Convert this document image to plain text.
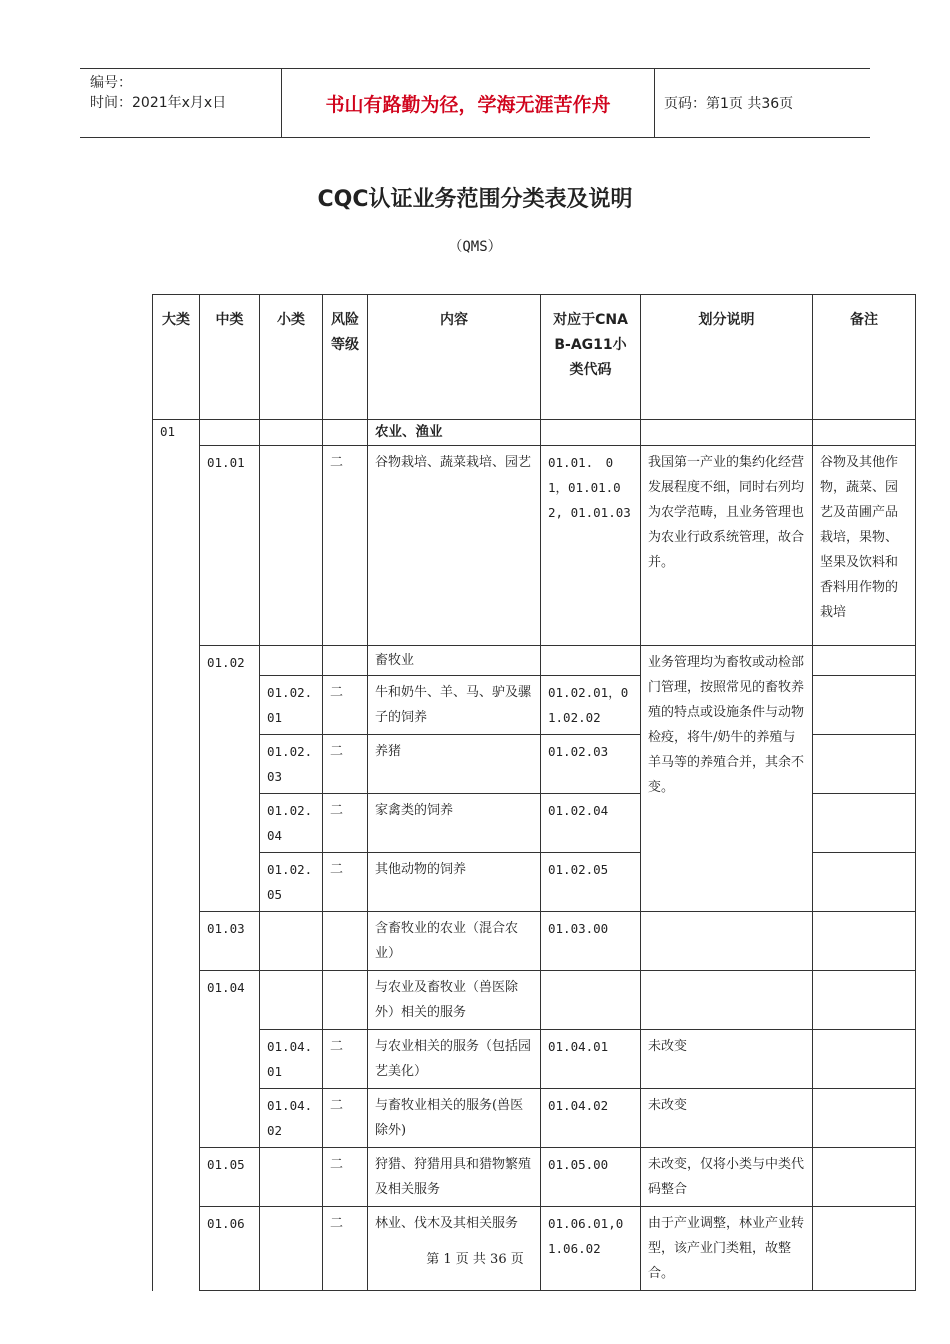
编号：
时间：2021年x月x日	书山有路勤为径，学海无涯苦作舟	页码：第1页 共36页
CQC认证业务范围分类表及说明
（QMS）
大类	中类	小类	风险等级	内容	对应于CNAB-AG11小类代码	划分说明	备注
01				农业、渔业			
	01.01		二	谷物栽培、蔬菜栽培、园艺	01.01.　01，01.01.02, 01.01.03	我国第一产业的集约化经营发展程度不细，同时右列均为农学范畴，且业务管理也为农业行政系统管理，故合并。	谷物及其他作物，蔬菜、园艺及苗圃产品栽培，果物、坚果及饮料和香料用作物的栽培
	01.02			畜牧业		业务管理均为畜牧或动检部门管理，按照常见的畜牧养殖的特点或设施条件与动物检疫，将牛/奶牛的养殖与羊马等的养殖合并，其余不变。	
		01.02.01	二	牛和奶牛、羊、马、驴及骡子的饲养	01.02.01，01.02.02		
		01.02.03	二	养猪	01.02.03		
		01.02.04	二	家禽类的饲养	01.02.04		
		01.02.05	二	其他动物的饲养	01.02.05		
	01.03			含畜牧业的农业（混合农业）	01.03.00		
	01.04			与农业及畜牧业（兽医除外）相关的服务			
		01.04.01	二	与农业相关的服务（包括园艺美化）	01.04.01	未改变	
		01.04.02	二	与畜牧业相关的服务(兽医除外)	01.04.02	未改变	
	01.05		二	狩猎、狩猎用具和猎物繁殖及相关服务	01.05.00	未改变，仅将小类与中类代码整合	
	01.06		二	林业、伐木及其相关服务	01.06.01,01.06.02	由于产业调整，林业产业转型，该产业门类粗，故整合。	
第 1 页 共 36 页
